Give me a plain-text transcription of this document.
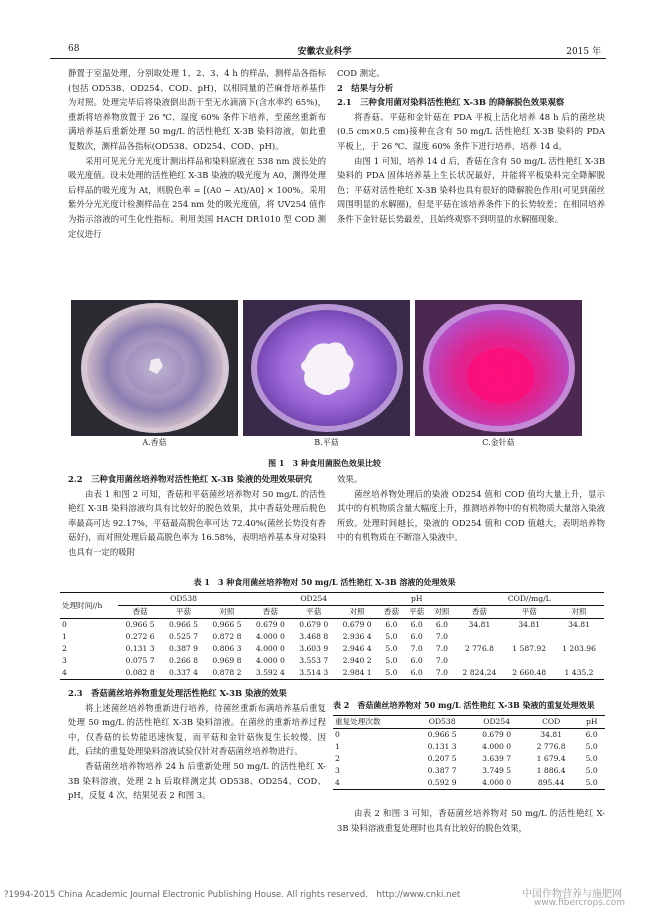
68	安徽农业科学	2015 年

静置于室温处理，分别取处理 1、2、3、4 h 的样品，测样品各指标(包括 OD538、OD254、COD、pH)，以相同量的芒麻骨培养基作为对照。处理完毕后将染液倒出沥干至无水滴滴下(含水率约 65%)，重新将培养物放置于 26 ℃、湿度 60% 条件下培养，至菌丝重新布满培养基后重新处理 50 mg/L 的活性艳红 X-3B 染料溶液，如此重复数次，测样品各指标(OD538、OD254、COD、pH)。

采用可见光分光光度计测出样品和染料原液在 538 nm 波长处的吸光度值。设未处理的活性艳红 X-3B 染液的吸光度为 A0，测得处理后样品的吸光度为 At，则脱色率 = [(A0 − At)/A0] × 100%。采用紫外分光光度计检测样品在 254 nm 处的吸光度值，将 UV254 值作为指示溶液的可生化性指标。利用美国 HACH DR1010 型 COD 测定仪进行

COD 测定。

2　结果与分析

2.1　三种食用菌对染料活性艳红 X-3B 的降解脱色效果观察

将香菇、平菇和金针菇在 PDA 平板上活化培养 48 h 后的菌丝块(0.5 cm×0.5 cm)接种在含有 50 mg/L 活性艳红 X-3B 染料的 PDA 平板上，于 26 ℃、湿度 60% 条件下进行培养，培养 14 d。

由图 1 可知，培养 14 d 后，香菇在含有 50 mg/L 活性艳红 X-3B 染料的 PDA 固体培养基上生长状况最好，并能将平板染料完全降解脱色；平菇对活性艳红 X-3B 染料也具有很好的降解脱色作用(可见到菌丝周围明显的水解圈)，但是平菇在该培养条件下的长势较差；在相同培养条件下金针菇长势最差，且始终观察不到明显的水解圈现象。

A.香菇	B.平菇	C.金针菇
图 1　3 种食用菌脱色效果比较

2.2　三种食用菌丝培养物对活性艳红 X-3B 染液的处理效果研究

由表 1 和图 2 可知，香菇和平菇菌丝培养物对 50 mg/L 的活性艳红 X-3B 染料溶液均具有比较好的脱色效果，其中香菇处理后脱色率最高可达 92.17%，平菇最高脱色率可达 72.40%(菌丝长势没有香菇好)，而对照处理后最高脱色率为 16.58%，表明培养基本身对染料也具有一定的吸附

效果。

菌丝培养物处理后的染液 OD254 值和 COD 值均大量上升，显示其中的有机物质含量大幅度上升，推测培养物中的有机物质大量溶入染液所致。处理时间越长，染液的 OD254 值和 COD 值越大，表明培养物中的有机物质在不断溶入染液中。

表 1　3 种食用菌丝培养物对 50 mg/L 活性艳红 X-3B 溶液的处理效果
处理时间//h	OD538			OD254			pH			COD//mg/L		
	香菇	平菇	对照	香菇	平菇	对照	香菇	平菇	对照	香菇	平菇	对照
0	0.966 5	0.966 5	0.966 5	0.679 0	0.679 0	0.679 0	6.0	6.0	6.0	34.81	34.81	34.81
1	0.272 6	0.525 7	0.872 8	4.000 0	3.468 8	2.936 4	5.0	6.0	7.0			
2	0.131 3	0.387 9	0.806 3	4.000 0	3.603 9	2.946 4	5.0	7.0	7.0	2 776.8	1 587.92	1 203.96
3	0.075 7	0.266 8	0.969 8	4.000 0	3.553 7	2.940 2	5.0	6.0	7.0			
4	0.082 8	0.337 4	0.878 2	3.592 4	3.514 3	2.984 1	5.0	6.0	7.0	2 824.24	2 660.48	1 435.2

2.3　香菇菌丝培养物重复处理活性艳红 X-3B 染液的效果

将上述菌丝培养物重新进行培养，待菌丝重新布满培养基后重复处理 50 mg/L 的活性艳红 X-3B 染料溶液。在菌丝的重新培养过程中，仅香菇的长势能迅速恢复，而平菇和金针菇恢复生长较慢，因此，后续的重复处理染料溶液试验仅针对香菇菌丝培养物进行。

香菇菌丝培养物培养 24 h 后重新处理 50 mg/L 的活性艳红 X-3B 染料溶液，处理 2 h 后取样测定其 OD538、OD254、COD、pH，反复 4 次，结果见表 2 和图 3。

表 2　香菇菌丝培养物对 50 mg/L 活性艳红 X-3B 染液的重复处理效果
重复处理次数	OD538	OD254	COD	pH
0	0.966 5	0.679 0	34.81	6.0
1	0.131 3	4.000 0	2 776.8	5.0
2	0.207 5	3.639 7	1 679.4	5.0
3	0.387 7	3.749 5	1 886.4	5.0
4	0.592 9	4.000 0	895.44	5.0

由表 2 和图 3 可知，香菇菌丝培养物对 50 mg/L 的活性艳红 X-3B 染料溶液重复处理时也具有比较好的脱色效果，

?1994-2015 China Academic Journal Electronic Publishing House. All rights reserved.　http://www.cnki.net	中国作物营养与施肥网
www.fibercrops.com
